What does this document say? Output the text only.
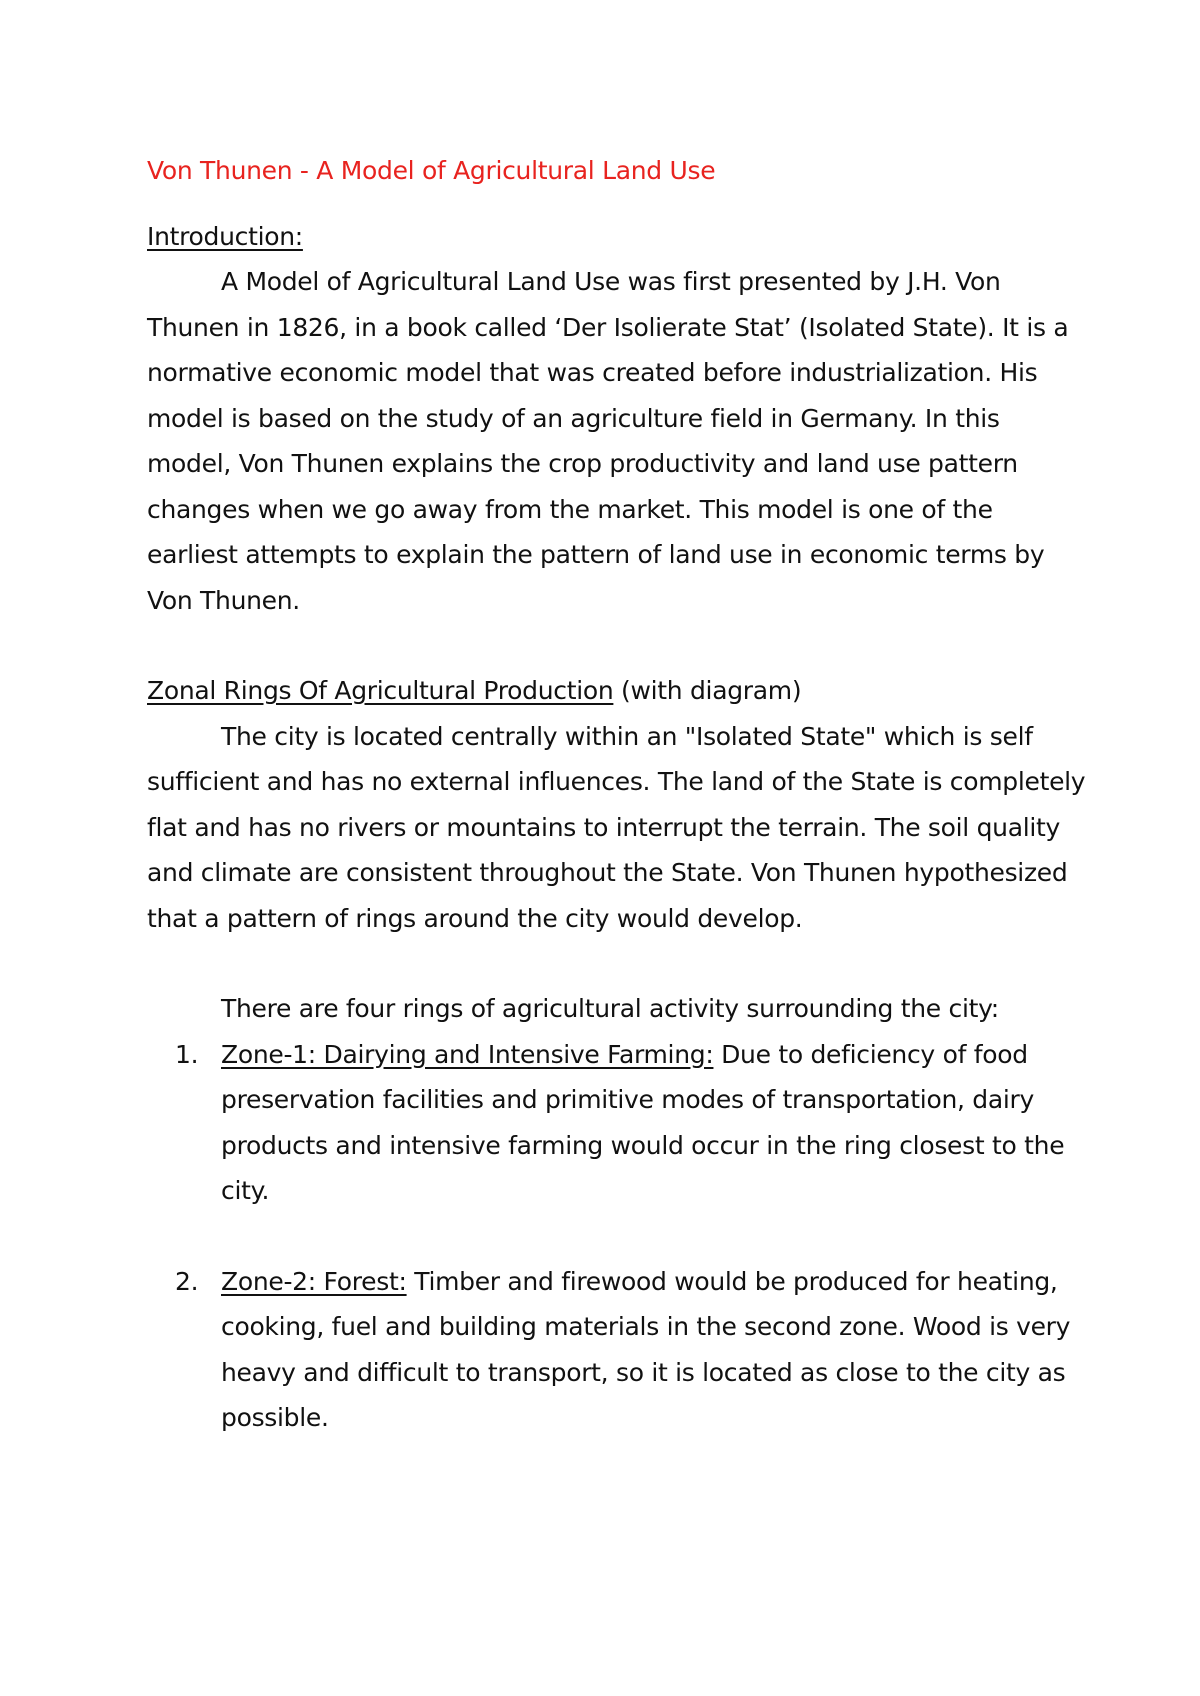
Von Thunen - A Model of Agricultural Land Use

Introduction:

A Model of Agricultural Land Use was first presented by J.H. Von Thunen in 1826, in a book called ‘Der Isolierate Stat’ (Isolated State). It is a normative economic model that was created before industrialization. His model is based on the study of an agriculture field in Germany. In this model, Von Thunen explains the crop productivity and land use pattern changes when we go away from the market. This model is one of the earliest attempts to explain the pattern of land use in economic terms by Von Thunen.

Zonal Rings Of Agricultural Production (with diagram)

The city is located centrally within an "Isolated State" which is self sufficient and has no external influences. The land of the State is completely flat and has no rivers or mountains to interrupt the terrain. The soil quality and climate are consistent throughout the State. Von Thunen hypothesized that a pattern of rings around the city would develop.

There are four rings of agricultural activity surrounding the city:

1. Zone-1: Dairying and Intensive Farming: Due to deficiency of food preservation facilities and primitive modes of transportation, dairy products and intensive farming would occur in the ring closest to the city.
2. Zone-2: Forest: Timber and firewood would be produced for heating, cooking, fuel and building materials in the second zone. Wood is very heavy and difficult to transport, so it is located as close to the city as possible.
